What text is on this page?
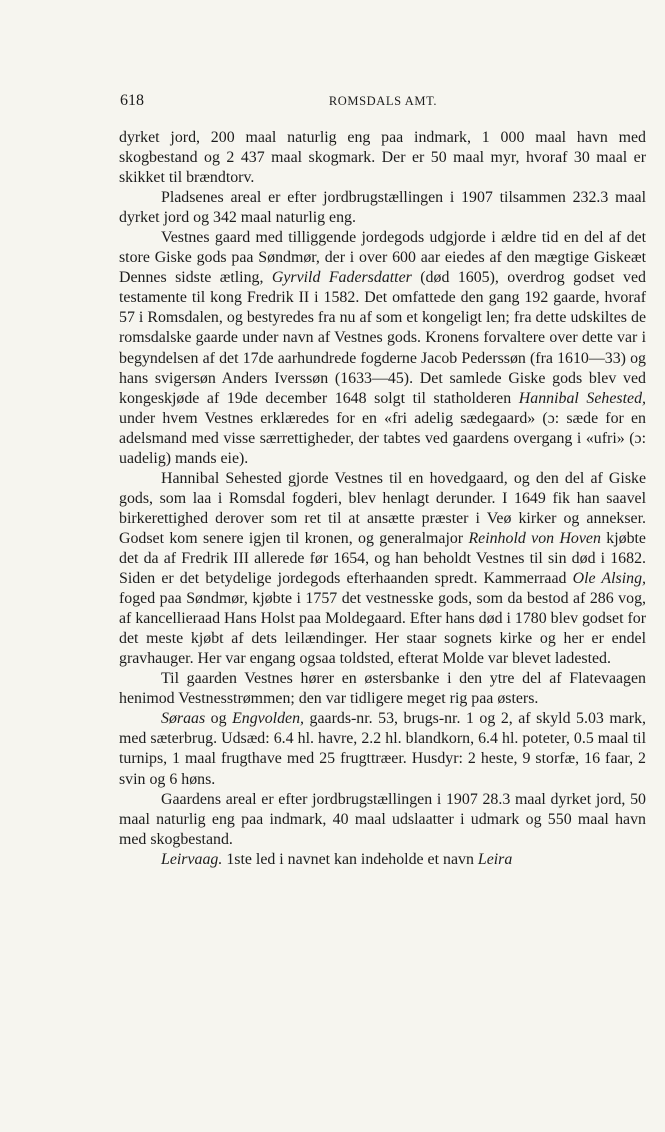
618	ROMSDALS AMT.

dyrket jord, 200 maal naturlig eng paa indmark, 1 000 maal havn med skogbestand og 2 437 maal skogmark. Der er 50 maal myr, hvoraf 30 maal er skikket til brændtorv.

Pladsenes areal er efter jordbrugstællingen i 1907 tilsammen 232.3 maal dyrket jord og 342 maal naturlig eng.

Vestnes gaard med tilliggende jordegods udgjorde i ældre tid en del af det store Giske gods paa Søndmør, der i over 600 aar eiedes af den mægtige Giskeæt Dennes sidste ætling, Gyrvild Fadersdatter (død 1605), overdrog godset ved testamente til kong Fredrik II i 1582. Det omfattede den gang 192 gaarde, hvoraf 57 i Romsdalen, og bestyredes fra nu af som et kongeligt len; fra dette udskiltes de romsdalske gaarde under navn af Vestnes gods. Kronens forvaltere over dette var i begyndelsen af det 17de aarhundrede fogderne Jacob Pederssøn (fra 1610—33) og hans svigersøn Anders Iverssøn (1633—45). Det samlede Giske gods blev ved kongeskjøde af 19de december 1648 solgt til statholderen Hannibal Sehested, under hvem Vestnes erklæredes for en «fri adelig sædegaard» (ɔ: sæde for en adelsmand med visse særrettigheder, der tabtes ved gaardens overgang i «ufri» (ɔ: uadelig) mands eie).

Hannibal Sehested gjorde Vestnes til en hovedgaard, og den del af Giske gods, som laa i Romsdal fogderi, blev henlagt derunder. I 1649 fik han saavel birkerettighed derover som ret til at ansætte præster i Veø kirker og annekser. Godset kom senere igjen til kronen, og generalmajor Reinhold von Hoven kjøbte det da af Fredrik III allerede før 1654, og han beholdt Vestnes til sin død i 1682. Siden er det betydelige jordegods efterhaanden spredt. Kammerraad Ole Alsing, foged paa Søndmør, kjøbte i 1757 det vestnesske gods, som da bestod af 286 vog, af kancellieraad Hans Holst paa Moldegaard. Efter hans død i 1780 blev godset for det meste kjøbt af dets leilændinger. Her staar sognets kirke og her er endel gravhauger. Her var engang ogsaa toldsted, efterat Molde var blevet ladested.

Til gaarden Vestnes hører en østersbanke i den ytre del af Flatevaagen henimod Vestnesstrømmen; den var tidligere meget rig paa østers.

Søraas og Engvolden, gaards-nr. 53, brugs-nr. 1 og 2, af skyld 5.03 mark, med sæterbrug. Udsæd: 6.4 hl. havre, 2.2 hl. blandkorn, 6.4 hl. poteter, 0.5 maal til turnips, 1 maal frugthave med 25 frugttræer. Husdyr: 2 heste, 9 storfæ, 16 faar, 2 svin og 6 høns.

Gaardens areal er efter jordbrugstællingen i 1907 28.3 maal dyrket jord, 50 maal naturlig eng paa indmark, 40 maal udslaatter i udmark og 550 maal havn med skogbestand.

Leirvaag. 1ste led i navnet kan indeholde et navn Leira
